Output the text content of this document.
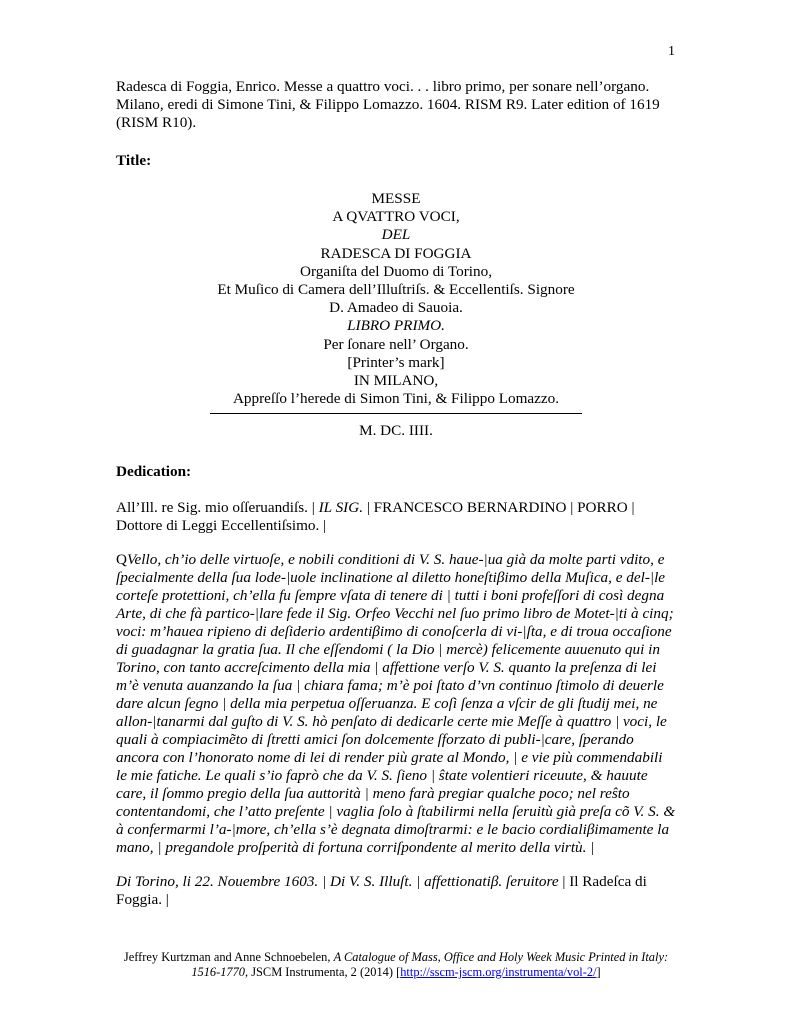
1

Radesca di Foggia, Enrico. Messe a quattro voci. . . libro primo, per sonare nell’organo. Milano, eredi di Simone Tini, & Filippo Lomazzo. 1604. RISM R9. Later edition of 1619 (RISM R10).

Title:
MESSE
A QVATTRO VOCI,
DEL
RADESCA DI FOGGIA
Organiſta del Duomo di Torino,
Et Muſico di Camera dell’Illuſtriſs. & Eccellentiſs. Signore
D. Amadeo di Sauoia.
LIBRO PRIMO.
Per ſonare nell’ Organo.
[Printer’s mark]
IN MILANO,
Appreſſo l’herede di Simon Tini, & Filippo Lomazzo.
M. DC. IIII.
Dedication:

All’Ill. re Sig. mio oſſeruandiſs. | IL SIG. | FRANCESCO BERNARDINO | PORRO | Dottore di Leggi Eccellentiſsimo. |

QVello, ch’io delle virtuoſe, e nobili conditioni di V. S. haue-|ua già da molte parti vdito, e ſpecialmente della ſua lode-|uole inclinatione al diletto honeſtiβimo della Muſica, e del-|le corteſe protettioni, ch’ella fu ſempre vſata di tenere di | tutti i boni profeſſori di così degna Arte, di che fà partico-|lare fede il Sig. Orfeo Vecchi nel ſuo primo libro de Motet-|ti à cinq; voci: m’hauea ripieno di deſiderio ardentiβimo di conoſcerla di vi-|ſta, e di troua occaſione di guadagnar la gratia ſua. Il che eſſendomi ( la Dio | mercè) felicemente auuenuto qui in Torino, con tanto accreſcimento della mia | affettione verſo V. S. quanto la preſenza di lei m’è venuta auanzando la ſua | chiara fama; m’è poi ſtato d’vn continuo ſtimolo di deuerle dare alcun ſegno | della mia perpetua oſſeruanza. E coſì ſenza a vſcir de gli ſtudij mei, ne allon-|tanarmi dal guſto di V. S. hò penſato di dedicarle certe mie Meſſe à quattro | voci, le quali à compiacimẽto di ſtretti amici ſon dolcemente ſforzato di publi-|care, ſperando ancora con l’honorato nome di lei di render più grate al Mondo, | e vie più commendabili le mie fatiche. Le quali s’io faprò che da V. S. ſieno | ŝtate volentieri riceuute, & hauute care, il ſommo pregio della ſua auttorità | meno farà pregiar qualche poco; nel reŝto contentandomi, che l’atto preſente | vaglia ſolo à ſtabilirmi nella ſeruitù già preſa cõ V. S. & à confermarmi l’a-|more, ch’ella s’è degnata dimoſtrarmi: e le bacio cordialiβimamente la mano, | pregandole proſperità di fortuna corriſpondente al merito della virtù. |

Di Torino, li 22. Nouembre 1603. | Di V. S. Illuſt. | affettionatiβ. ſeruitore | Il Radeſca di Foggia. |

Jeffrey Kurtzman and Anne Schnoebelen, A Catalogue of Mass, Office and Holy Week Music Printed in Italy: 1516-1770, JSCM Instrumenta, 2 (2014) [http://sscm-jscm.org/instrumenta/vol-2/]
